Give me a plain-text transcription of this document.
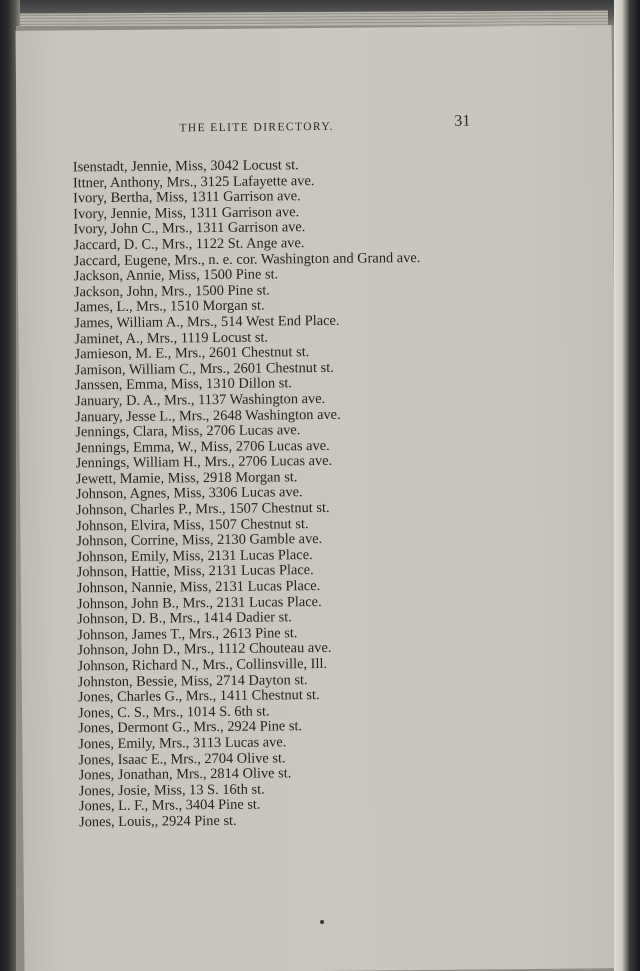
THE ELITE DIRECTORY.	31
Isenstadt, Jennie, Miss, 3042 Locust st.
Ittner, Anthony, Mrs., 3125 Lafayette ave.
Ivory, Bertha, Miss, 1311 Garrison ave.
Ivory, Jennie, Miss, 1311 Garrison ave.
Ivory, John C., Mrs., 1311 Garrison ave.
Jaccard, D. C., Mrs., 1122 St. Ange ave.
Jaccard, Eugene, Mrs., n. e. cor. Washington and Grand ave.
Jackson, Annie, Miss, 1500 Pine st.
Jackson, John, Mrs., 1500 Pine st.
James, L., Mrs., 1510 Morgan st.
James, William A., Mrs., 514 West End Place.
Jaminet, A., Mrs., 1119 Locust st.
Jamieson, M. E., Mrs., 2601 Chestnut st.
Jamison, William C., Mrs., 2601 Chestnut st.
Janssen, Emma, Miss, 1310 Dillon st.
January, D. A., Mrs., 1137 Washington ave.
January, Jesse L., Mrs., 2648 Washington ave.
Jennings, Clara, Miss, 2706 Lucas ave.
Jennings, Emma, W., Miss, 2706 Lucas ave.
Jennings, William H., Mrs., 2706 Lucas ave.
Jewett, Mamie, Miss, 2918 Morgan st.
Johnson, Agnes, Miss, 3306 Lucas ave.
Johnson, Charles P., Mrs., 1507 Chestnut st.
Johnson, Elvira, Miss, 1507 Chestnut st.
Johnson, Corrine, Miss, 2130 Gamble ave.
Johnson, Emily, Miss, 2131 Lucas Place.
Johnson, Hattie, Miss, 2131 Lucas Place.
Johnson, Nannie, Miss, 2131 Lucas Place.
Johnson, John B., Mrs., 2131 Lucas Place.
Johnson, D. B., Mrs., 1414 Dadier st.
Johnson, James T., Mrs., 2613 Pine st.
Johnson, John D., Mrs., 1112 Chouteau ave.
Johnson, Richard N., Mrs., Collinsville, Ill.
Johnston, Bessie, Miss, 2714 Dayton st.
Jones, Charles G., Mrs., 1411 Chestnut st.
Jones, C. S., Mrs., 1014 S. 6th st.
Jones, Dermont G., Mrs., 2924 Pine st.
Jones, Emily, Mrs., 3113 Lucas ave.
Jones, Isaac E., Mrs., 2704 Olive st.
Jones, Jonathan, Mrs., 2814 Olive st.
Jones, Josie, Miss, 13 S. 16th st.
Jones, L. F., Mrs., 3404 Pine st.
Jones, Louis,, 2924 Pine st.
